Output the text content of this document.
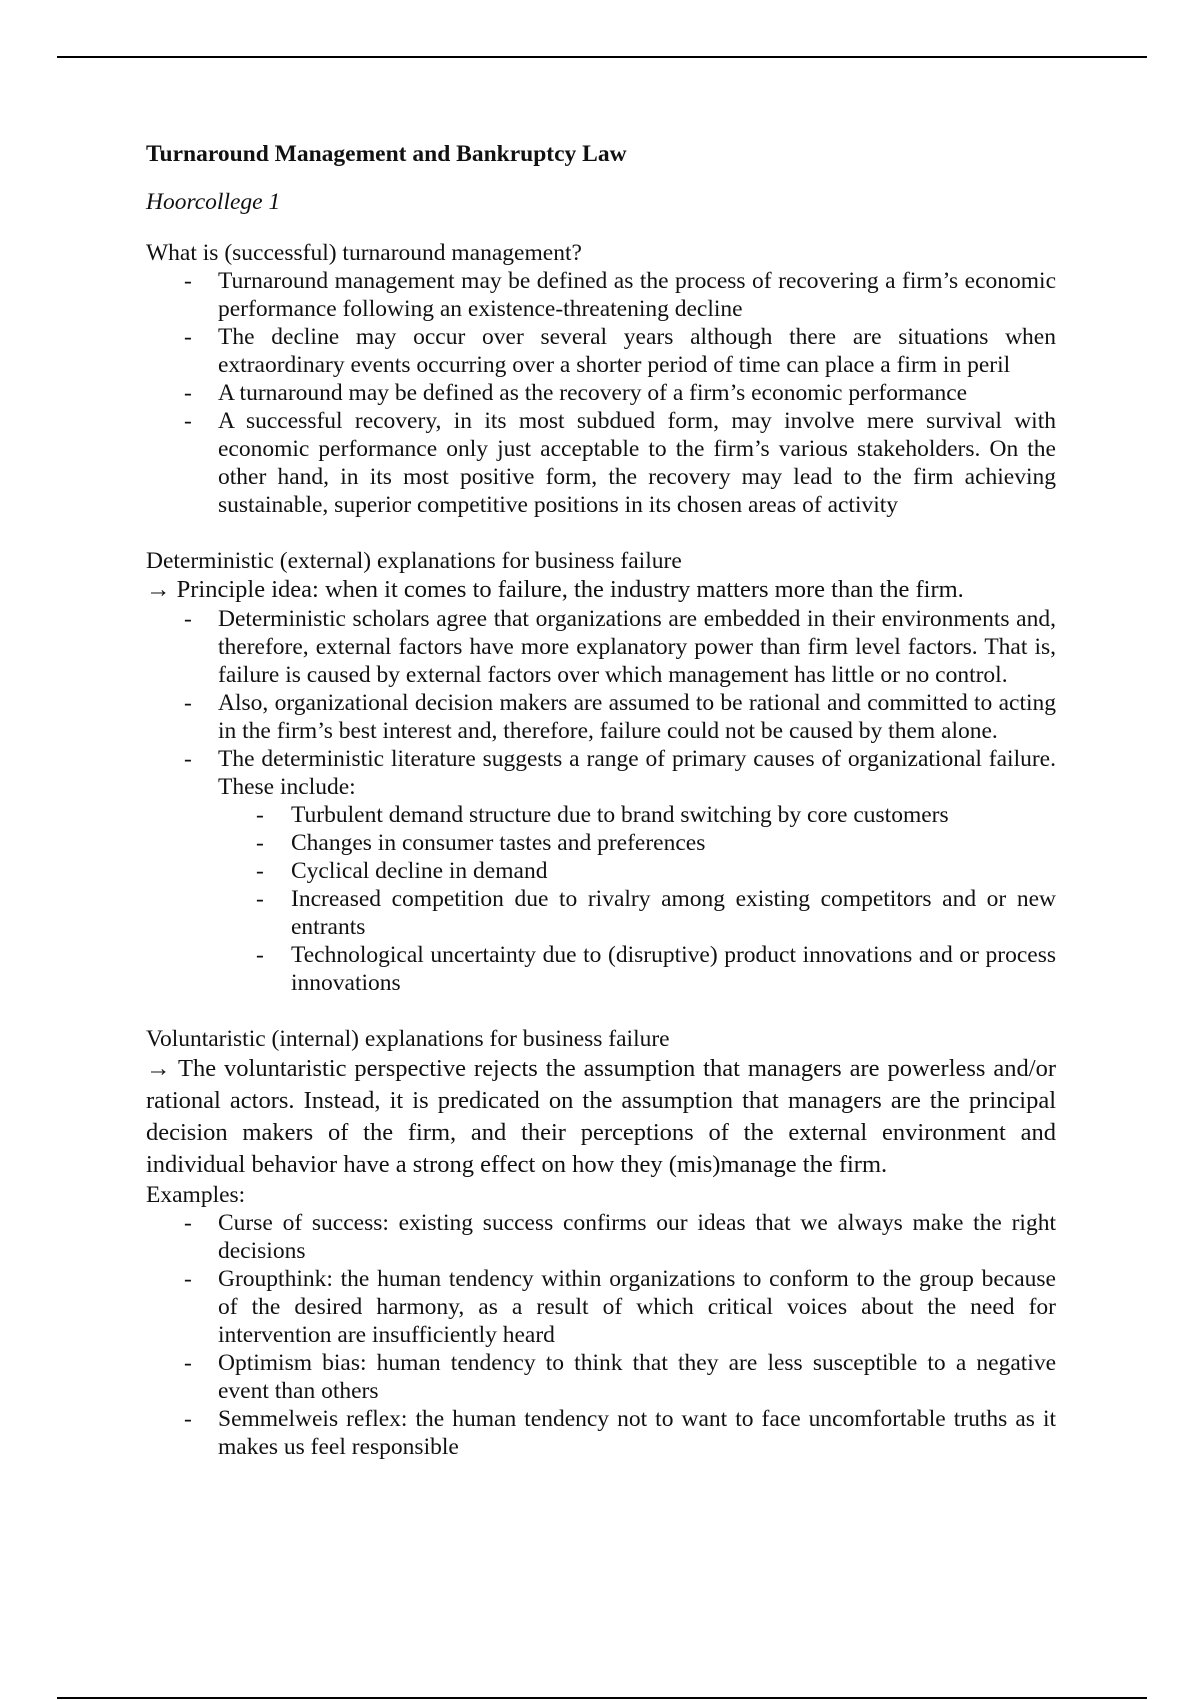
Turnaround Management and Bankruptcy Law
Hoorcollege 1
What is (successful) turnaround management?
- Turnaround management may be defined as the process of recovering a firm’s economic performance following an existence-threatening decline
- The decline may occur over several years although there are situations when extraordinary events occurring over a shorter period of time can place a firm in peril
- A turnaround may be defined as the recovery of a firm’s economic performance
- A successful recovery, in its most subdued form, may involve mere survival with economic performance only just acceptable to the firm’s various stakeholders. On the other hand, in its most positive form, the recovery may lead to the firm achieving sustainable, superior competitive positions in its chosen areas of activity
Deterministic (external) explanations for business failure
→ Principle idea: when it comes to failure, the industry matters more than the firm.
- Deterministic scholars agree that organizations are embedded in their environments and, therefore, external factors have more explanatory power than firm level factors. That is, failure is caused by external factors over which management has little or no control.
- Also, organizational decision makers are assumed to be rational and committed to acting in the firm’s best interest and, therefore, failure could not be caused by them alone.
- The deterministic literature suggests a range of primary causes of organizational failure. These include:
- Turbulent demand structure due to brand switching by core customers
- Changes in consumer tastes and preferences
- Cyclical decline in demand
- Increased competition due to rivalry among existing competitors and or new entrants
- Technological uncertainty due to (disruptive) product innovations and or process innovations
Voluntaristic (internal) explanations for business failure
→ The voluntaristic perspective rejects the assumption that managers are powerless and/or rational actors. Instead, it is predicated on the assumption that managers are the principal decision makers of the firm, and their perceptions of the external environment and individual behavior have a strong effect on how they (mis)manage the firm.
Examples:
- Curse of success: existing success confirms our ideas that we always make the right decisions
- Groupthink: the human tendency within organizations to conform to the group because of the desired harmony, as a result of which critical voices about the need for intervention are insufficiently heard
- Optimism bias: human tendency to think that they are less susceptible to a negative event than others
- Semmelweis reflex: the human tendency not to want to face uncomfortable truths as it makes us feel responsible
